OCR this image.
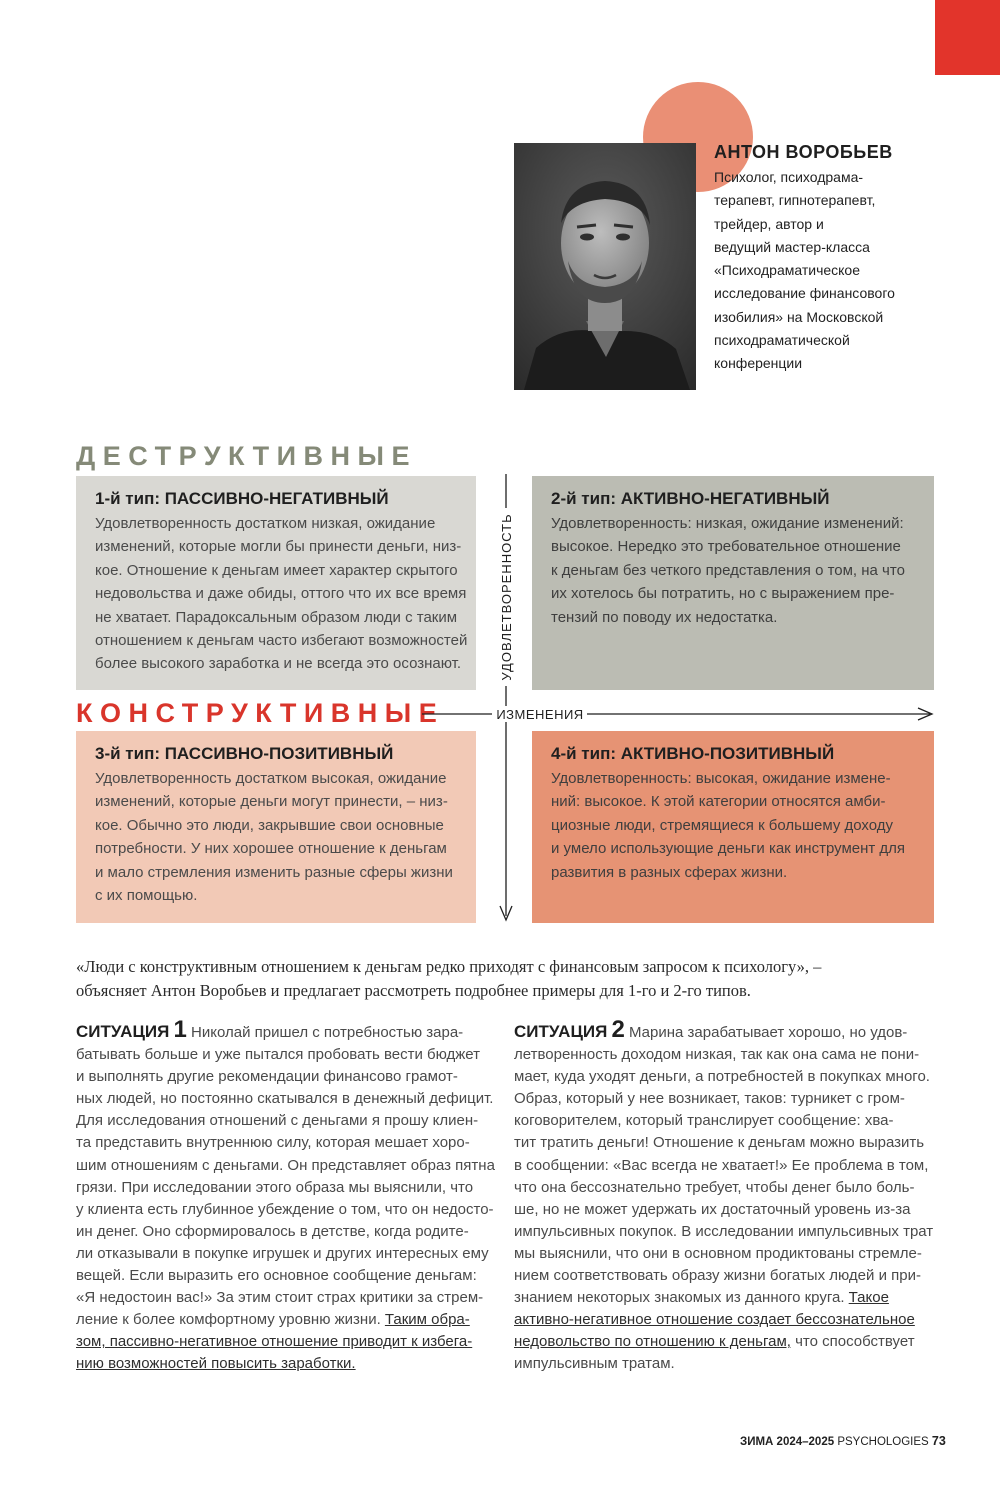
АНТОН ВОРОБЬЕВ
Психолог, психодрама-
терапевт, гипнотерапевт,
трейдер, автор и
ведущий мастер-класса
«Психодраматическое
исследование финансового
изобилия» на Московской
психодраматической
конференции
ДЕСТРУКТИВНЫЕ
1-й тип: ПАССИВНО-НЕГАТИВНЫЙ
Удовлетворенность достатком низкая, ожидание
изменений, которые могли бы принести деньги, низ-
кое. Отношение к деньгам имеет характер скрытого
недовольства и даже обиды, оттого что их все время
не хватает. Парадоксальным образом люди с таким
отношением к деньгам часто избегают возможностей
более высокого заработка и не всегда это осознают.
2-й тип: АКТИВНО-НЕГАТИВНЫЙ
Удовлетворенность: низкая, ожидание изменений:
высокое. Нередко это требовательное отношение
к деньгам без четкого представления о том, на что
их хотелось бы потратить, но с выражением пре-
тензий по поводу их недостатка.
КОНСТРУКТИВНЫЕ
3-й тип: ПАССИВНО-ПОЗИТИВНЫЙ
Удовлетворенность достатком высокая, ожидание
изменений, которые деньги могут принести, – низ-
кое. Обычно это люди, закрывшие свои основные
потребности. У них хорошее отношение к деньгам
и мало стремления изменить разные сферы жизни
с их помощью.
4-й тип: АКТИВНО-ПОЗИТИВНЫЙ
Удовлетворенность: высокая, ожидание измене-
ний: высокое. К этой категории относятся амби-
циозные люди, стремящиеся к большему доходу
и умело использующие деньги как инструмент для
развития в разных сферах жизни.
УДОВЛЕТВОРЕННОСТЬ
ИЗМЕНЕНИЯ
«Люди с конструктивным отношением к деньгам редко приходят с финансовым запросом к психологу», –
объясняет Антон Воробьев и предлагает рассмотреть подробнее примеры для 1-го и 2-го типов.
СИТУАЦИЯ 1 Николай пришел с потребностью зара-
батывать больше и уже пытался пробовать вести бюджет
и выполнять другие рекомендации финансово грамот-
ных людей, но постоянно скатывался в денежный дефицит.
Для исследования отношений с деньгами я прошу клиен-
та представить внутреннюю силу, которая мешает хоро-
шим отношениям с деньгами. Он представляет образ пятна
грязи. При исследовании этого образа мы выяснили, что
у клиента есть глубинное убеждение о том, что он недосто-
ин денег. Оно сформировалось в детстве, когда родите-
ли отказывали в покупке игрушек и других интересных ему
вещей. Если выразить его основное сообщение деньгам:
«Я недостоин вас!» За этим стоит страх критики за стрем-
ление к более комфортному уровню жизни. Таким обра-
зом, пассивно-негативное отношение приводит к избега-
нию возможностей повысить заработки.
СИТУАЦИЯ 2 Марина зарабатывает хорошо, но удов-
летворенность доходом низкая, так как она сама не пони-
мает, куда уходят деньги, а потребностей в покупках много.
Образ, который у нее возникает, таков: турникет с гром-
коговорителем, который транслирует сообщение: хва-
тит тратить деньги! Отношение к деньгам можно выразить
в сообщении: «Вас всегда не хватает!» Ее проблема в том,
что она бессознательно требует, чтобы денег было боль-
ше, но не может удержать их достаточный уровень из-за
импульсивных покупок. В исследовании импульсивных трат
мы выяснили, что они в основном продиктованы стремле-
нием соответствовать образу жизни богатых людей и при-
знанием некоторых знакомых из данного круга. Такое
активно-негативное отношение создает бессознательное
недовольство по отношению к деньгам, что способствует
импульсивным тратам.
ЗИМА 2024–2025 PSYCHOLOGIES 73
